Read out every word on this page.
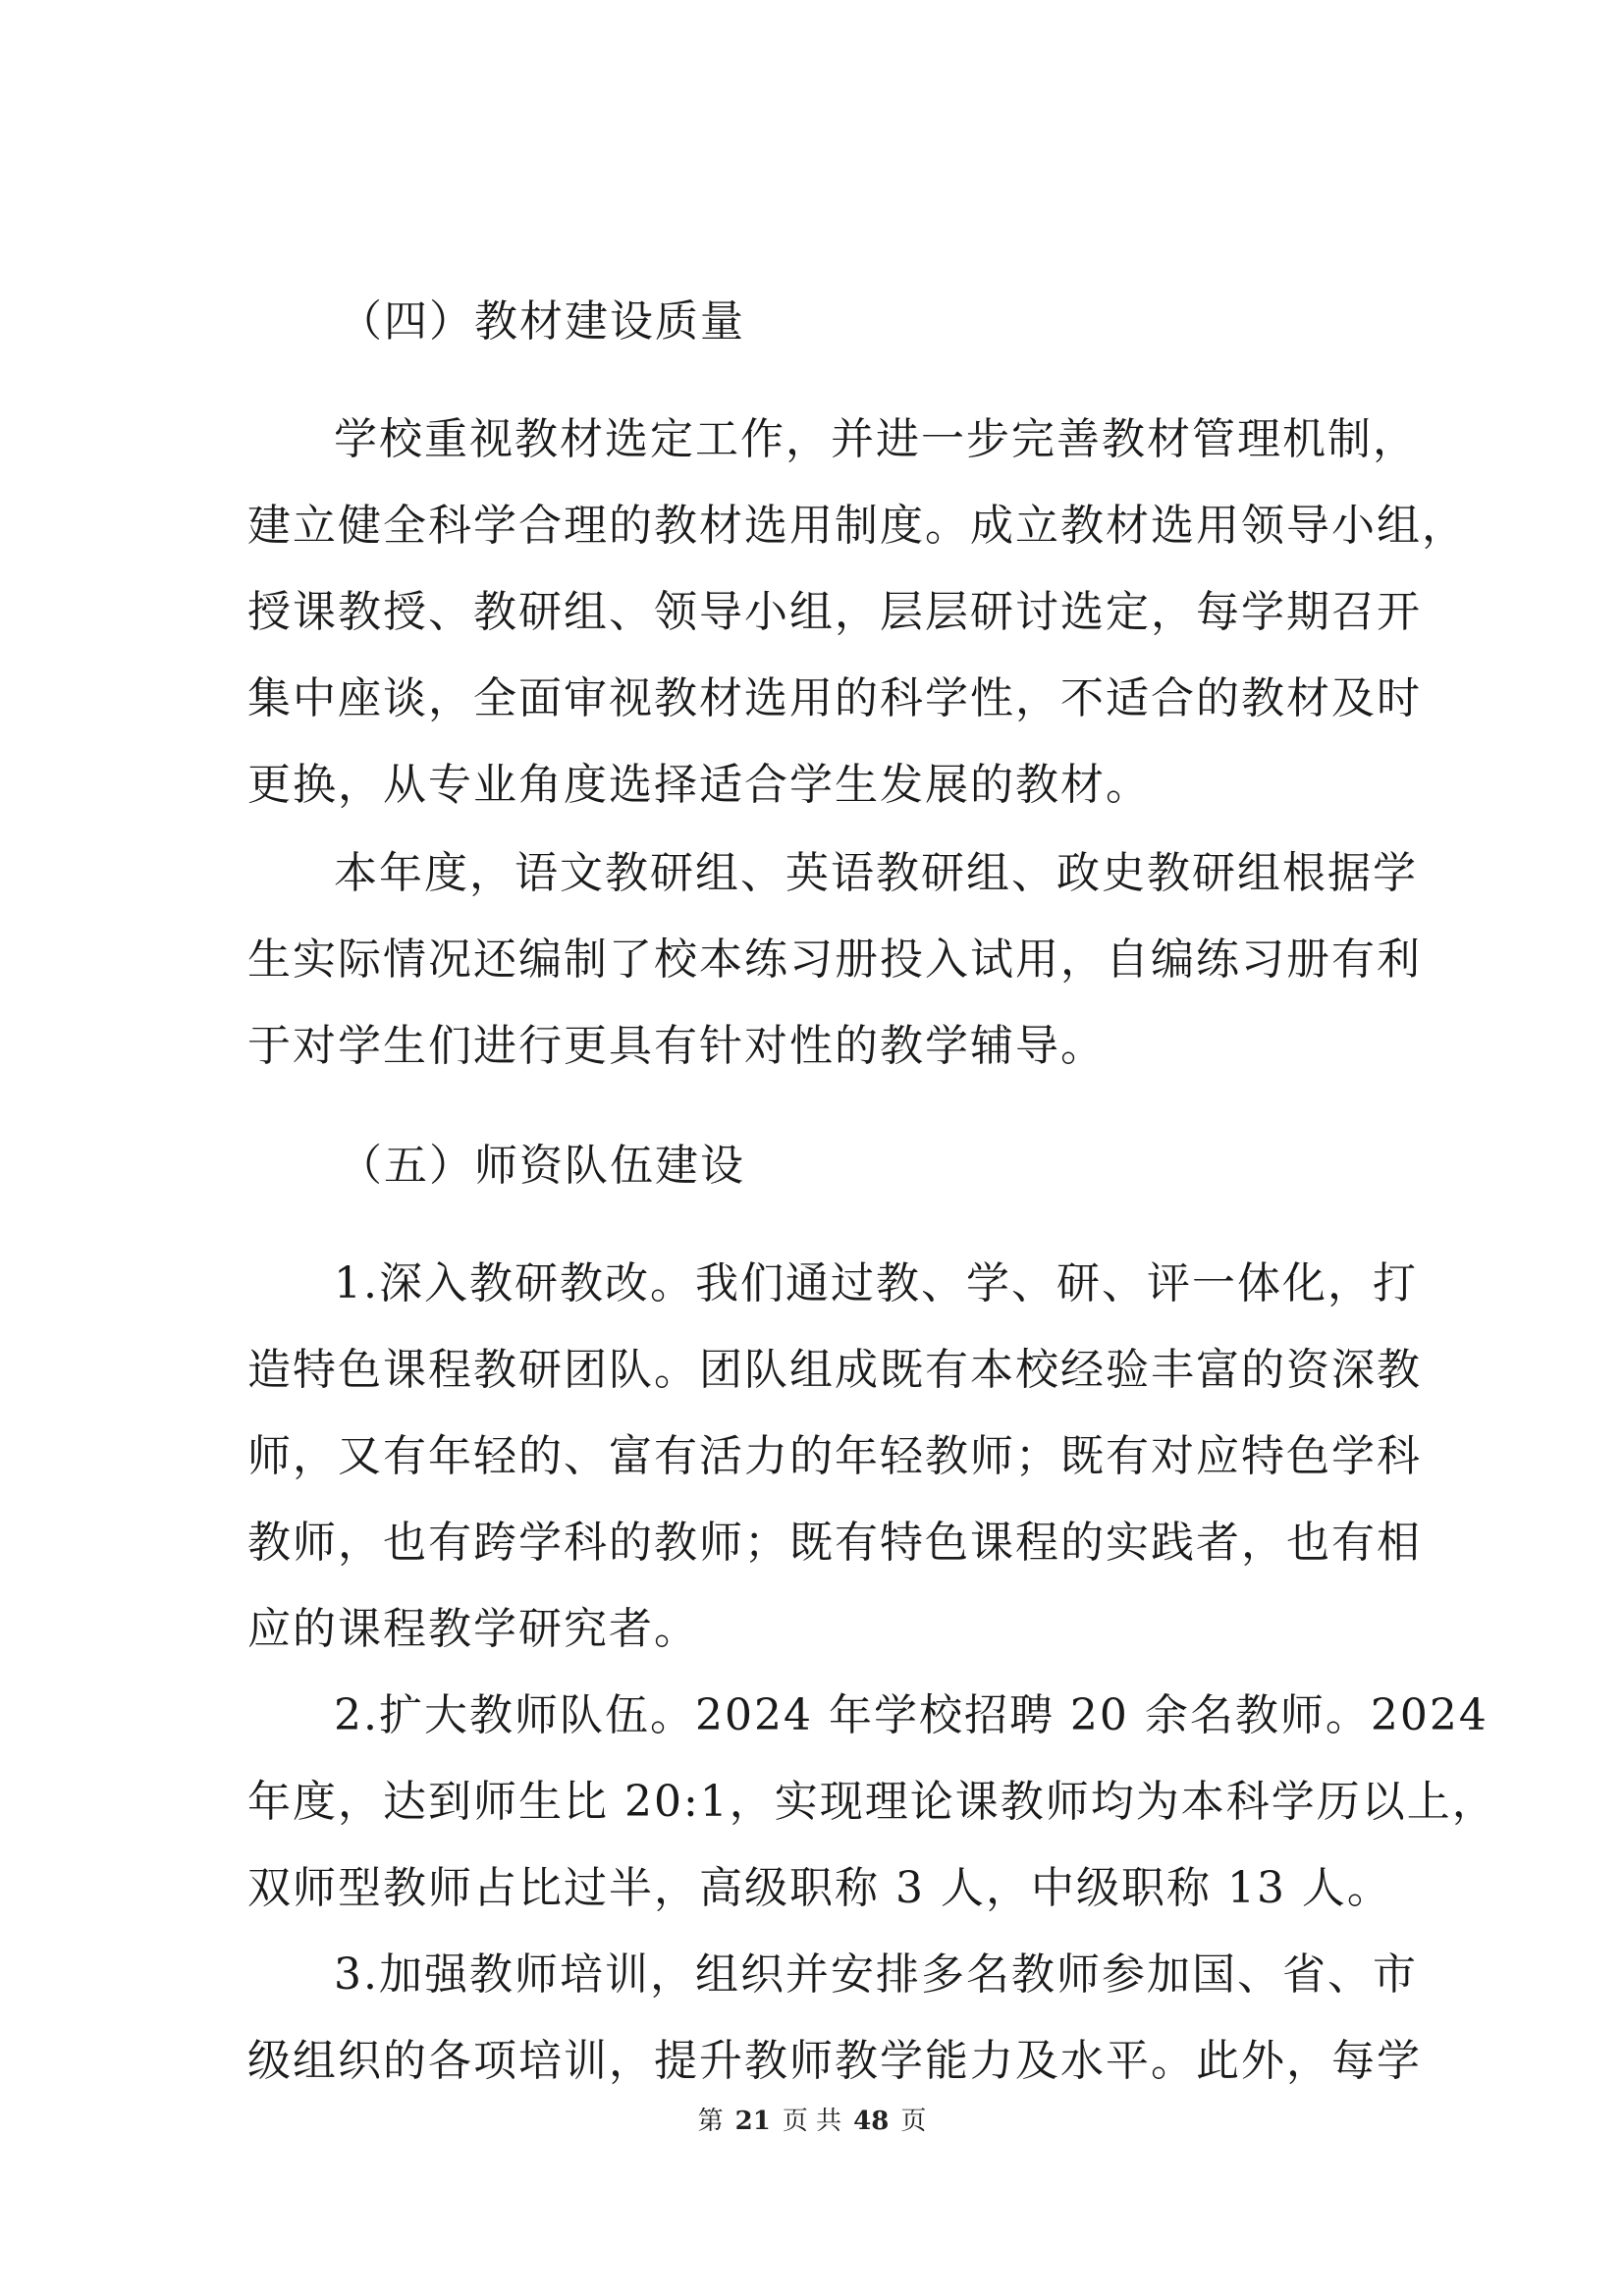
（四）教材建设质量
学校重视教材选定工作，并进一步完善教材管理机制，
建立健全科学合理的教材选用制度。成立教材选用领导小组，
授课教授、教研组、领导小组，层层研讨选定，每学期召开
集中座谈，全面审视教材选用的科学性，不适合的教材及时
更换，从专业角度选择适合学生发展的教材。
本年度，语文教研组、英语教研组、政史教研组根据学
生实际情况还编制了校本练习册投入试用，自编练习册有利
于对学生们进行更具有针对性的教学辅导。
（五）师资队伍建设
1.深入教研教改。我们通过教、学、研、评一体化，打
造特色课程教研团队。团队组成既有本校经验丰富的资深教
师，又有年轻的、富有活力的年轻教师；既有对应特色学科
教师，也有跨学科的教师；既有特色课程的实践者，也有相
应的课程教学研究者。
2.扩大教师队伍。2024 年学校招聘 20 余名教师。2024
年度，达到师生比 20:1，实现理论课教师均为本科学历以上，
双师型教师占比过半，高级职称 3 人，中级职称 13 人。
3.加强教师培训，组织并安排多名教师参加国、省、市
级组织的各项培训，提升教师教学能力及水平。此外，每学
第 21 页 共 48 页
